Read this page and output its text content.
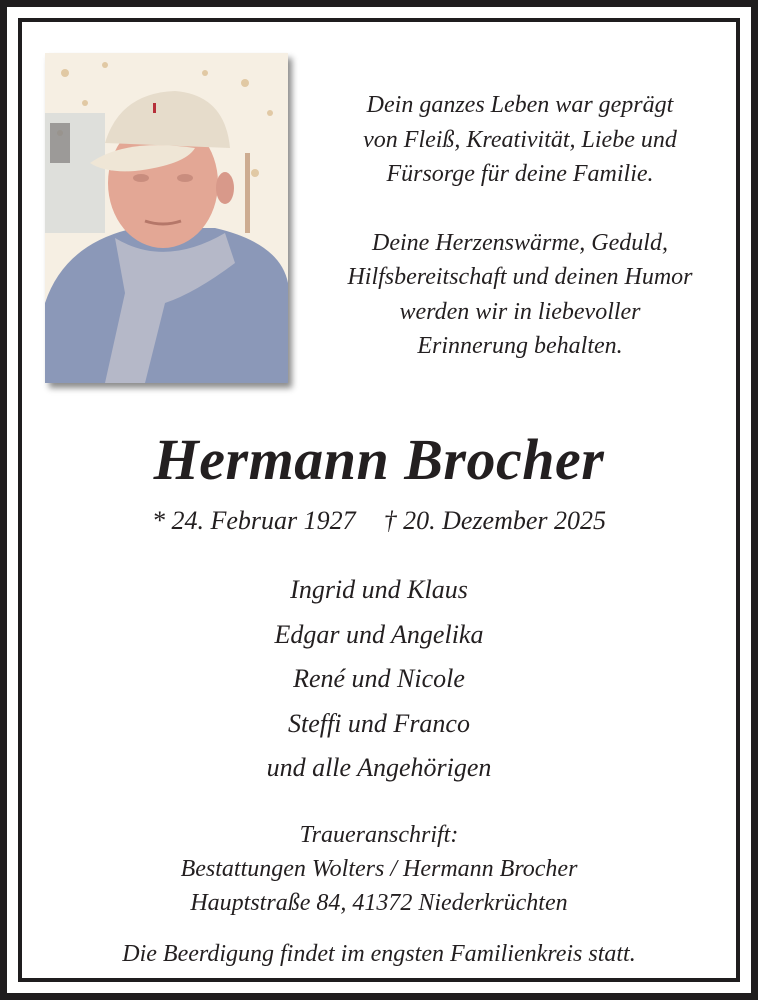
Dein ganzes Leben war geprägt
von Fleiß, Kreativität, Liebe und
Fürsorge für deine Familie.

Deine Herzenswärme, Geduld,
Hilfsbereitschaft und deinen Humor
werden wir in liebevoller
Erinnerung behalten.

Hermann Brocher
* 24. Februar 1927 † 20. Dezember 2025
Ingrid und Klaus
Edgar und Angelika
René und Nicole
Steffi und Franco
und alle Angehörigen
Traueranschrift:
Bestattungen Wolters / Hermann Brocher
Hauptstraße 84, 41372 Niederkrüchten
Die Beerdigung findet im engsten Familienkreis statt.
